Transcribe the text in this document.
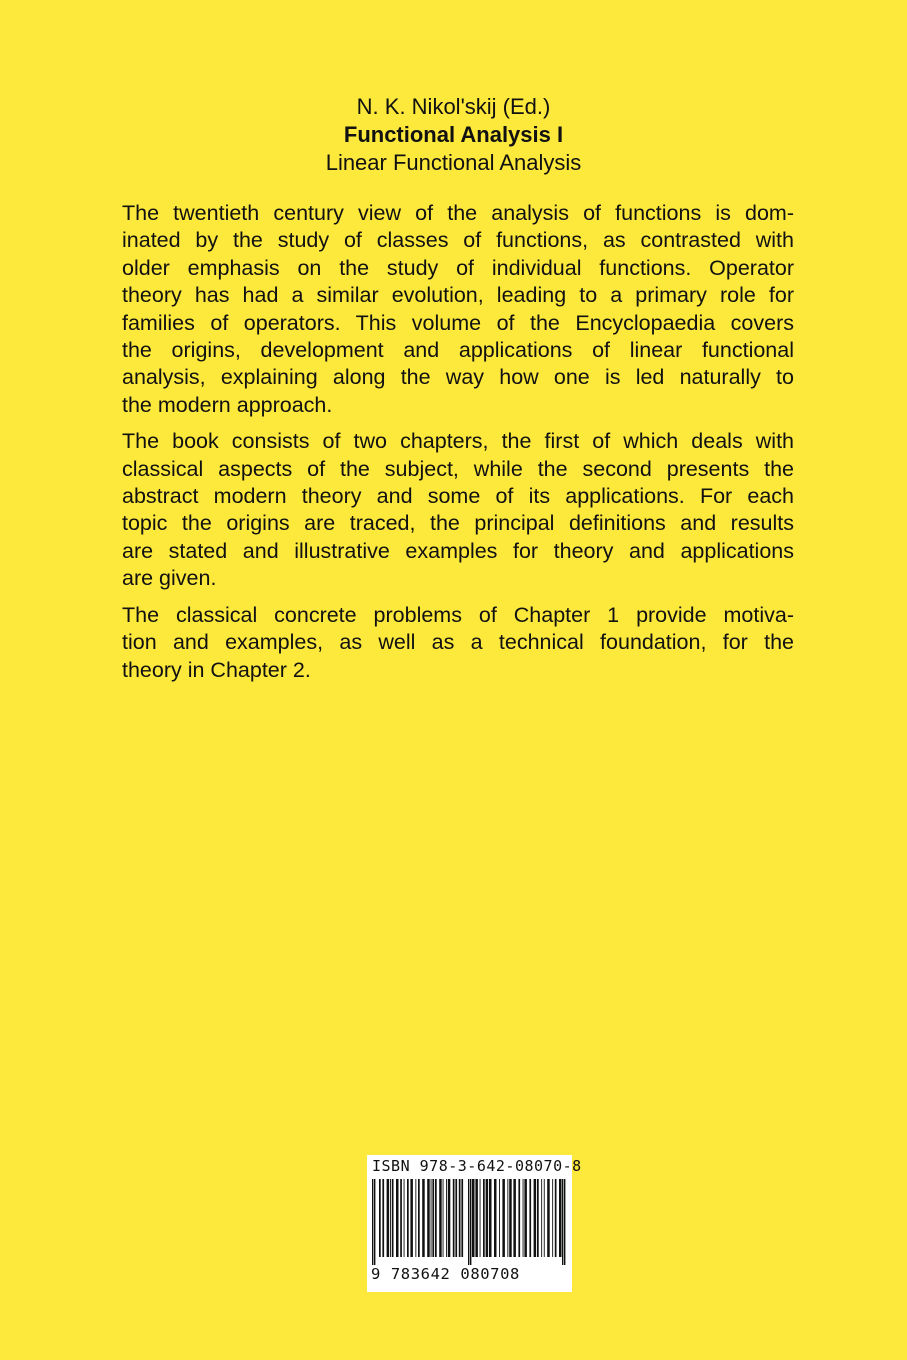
N. K. Nikol'skij (Ed.)
Functional Analysis I
Linear Functional Analysis

The twentieth century view of the analysis of functions is dom-
inated by the study of classes of functions, as contrasted with
older emphasis on the study of individual functions. Operator
theory has had a similar evolution, leading to a primary role for
families of operators. This volume of the Encyclopaedia covers
the origins, development and applications of linear functional
analysis, explaining along the way how one is led naturally to
the modern approach.

The book consists of two chapters, the first of which deals with
classical aspects of the subject, while the second presents the
abstract modern theory and some of its applications. For each
topic the origins are traced, the principal definitions and results
are stated and illustrative examples for theory and applications
are given.

The classical concrete problems of Chapter 1 provide motiva-
tion and examples, as well as a technical foundation, for the
theory in Chapter 2.

ISBN 978-3-642-08070-8
9 783642 080708
